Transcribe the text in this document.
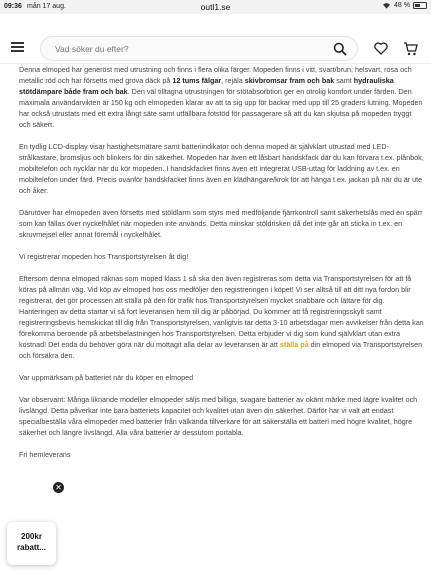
09:36 mån 17 aug.	outl1.se	48 %
Vad söker du efter?

Denna elmoped har generöst med utrustning och finns i flera olika färger. Mopeden finns i vitt, svart/brun, helsvart, rosa och metallic röd och har försetts med grova däck på 12 tums fälgar, rejäla skivbromsar fram och bak samt hydrauliska stötdämpare både fram och bak. Den väl tilltagna utrustningen för stötabsorbtion ger en otrolig komfort under färden. Den maximala användarvikten är 150 kg och elmopeden klarar av att ta sig upp för backar med upp till 25 graders lutning. Mopeden har också utrustats med ett extra långt säte samt utfällbara fotstöd för passagerare så att du kan skjutsa på mopeden tryggt och säkert.

En tydlig LCD-display visar hastighetsmätare samt batteriindikator och denna moped är självklart utrustad med LED-strålkastare, bromsljus och blinkers för din säkerhet. Mopeden har även ett låsbart handskfack där du kan förvara t.ex. plånbok, mobiltelefon och nycklar när du kör mopeden. I handskfacket finns även ett integrerat USB-uttag för laddning av t.ex. en mobiltelefon under färd. Precis ovanför handskfacket finns även en klädhängare/krok för att hänga t.ex. jackan på när du är ute och åker.

Därutöver har elmopeden även försetts med stöldlarm som styrs med medföljande fjärrkontroll samt säkerhetslås med en spärr som kan fällas över nyckelhålet när mopeden inte används. Detta minskar stöldrisken då det inte går att sticka in t.ex. en skruvmejsel eller annat föremål i nyckelhålet.

Vi registrerar mopeden hos Transportstyrelsen åt dig!

Eftersom denna elmoped räknas som moped klass 1 så ska den även registreras som detta via Transportstyrelsen för att få köras på allmän väg. Vid köp av elmoped hos oss medföljer den registreringen i köpet! Vi ser alltså till att ditt nya fordon blir registrerat, det gör processen att ställa på den för trafik hos Transportstyrelsen mycket snabbare och lättare för dig. Hanteringen av detta startar vi så fort leveransen hem till dig är påbörjad. Du kommer att få registreringsskylt samt registreringsbevis hemskickat till dig från Transportstyrelsen, vanligtvis tar detta 3-10 arbetsdagar men avvikelser från detta kan förekomma beroende på arbetsbelastningen hos Transportstyrelsen. Detta erbjuder vi dig som kund självklart utan extra kostnad! Det enda du behöver göra när du mottagit alla delar av leveransen är att ställa på din elmoped via Transportstyrelsen och försäkra den.

Var uppmärksam på batteriet när du köper en elmoped

Var observant: Många liknande modeller elmopeder säljs med billiga, svagare batterier av okänt märke med lägre kvalitet och livslängd. Detta påverkar inte bara batteriets kapacitet och kvalitet utan även din säkerhet. Därför har vi valt att endast specialbeställa våra elmopeder med batterier från välkända tillverkare för att säkerställa ett batteri med högre kvalitet, högre säkerhet och längre livslängd. Alla våra batterier är dessutom portabla.

Fri hemleverans

✕
200kr
rabatt...
